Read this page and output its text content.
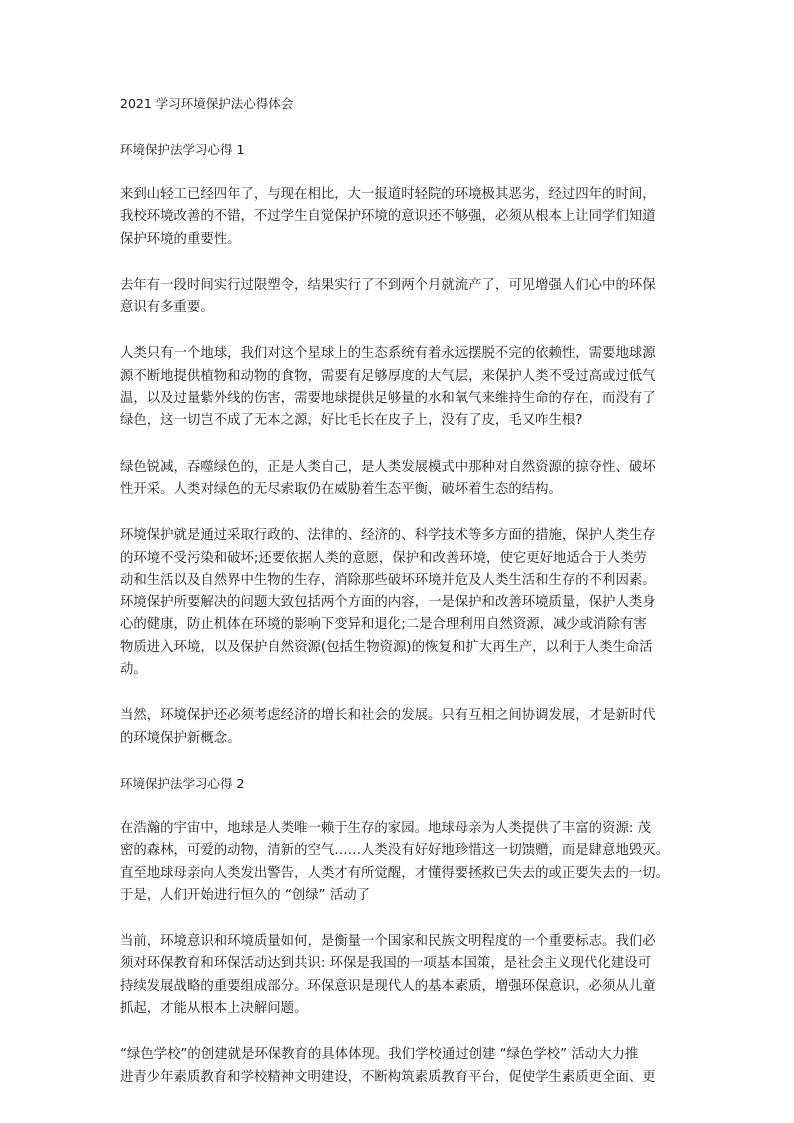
2021 学习环境保护法心得体会
环境保护法学习心得 1

来到山轻工已经四年了，与现在相比，大一报道时轻院的环境极其恶劣，经过四年的时间，
我校环境改善的不错，不过学生自觉保护环境的意识还不够强，必须从根本上让同学们知道
保护环境的重要性。

去年有一段时间实行过限塑令，结果实行了不到两个月就流产了，可见增强人们心中的环保
意识有多重要。

人类只有一个地球，我们对这个星球上的生态系统有着永远摆脱不完的依赖性，需要地球源
源不断地提供植物和动物的食物，需要有足够厚度的大气层，来保护人类不受过高或过低气
温，以及过量紫外线的伤害，需要地球提供足够量的水和氧气来维持生命的存在，而没有了
绿色，这一切岂不成了无本之源，好比毛长在皮子上，没有了皮，毛又咋生根?

绿色锐减，吞噬绿色的，正是人类自己，是人类发展模式中那种对自然资源的掠夺性、破坏
性开采。人类对绿色的无尽索取仍在威胁着生态平衡，破坏着生态的结构。

环境保护就是通过采取行政的、法律的、经济的、科学技术等多方面的措施，保护人类生存
的环境不受污染和破坏;还要依据人类的意愿，保护和改善环境，使它更好地适合于人类劳
动和生活以及自然界中生物的生存，消除那些破坏环境并危及人类生活和生存的不利因素。
环境保护所要解决的问题大致包括两个方面的内容，一是保护和改善环境质量，保护人类身
心的健康，防止机体在环境的影响下变异和退化;二是合理利用自然资源，减少或消除有害
物质进入环境，以及保护自然资源(包括生物资源)的恢复和扩大再生产，以利于人类生命活
动。

当然，环境保护还必须考虑经济的增长和社会的发展。只有互相之间协调发展，才是新时代
的环境保护新概念。

环境保护法学习心得 2

在浩瀚的宇宙中，地球是人类唯一赖于生存的家园。地球母亲为人类提供了丰富的资源: 茂
密的森林，可爱的动物，清新的空气……人类没有好好地珍惜这一切馈赠，而是肆意地毁灭。
直至地球母亲向人类发出警告，人类才有所觉醒，才懂得要拯救已失去的或正要失去的一切。
于是，人们开始进行恒久的 “创绿” 活动了

当前，环境意识和环境质量如何，是衡量一个国家和民族文明程度的一个重要标志。我们必
须对环保教育和环保活动达到共识: 环保是我国的一项基本国策，是社会主义现代化建设可
持续发展战略的重要组成部分。环保意识是现代人的基本素质，增强环保意识，必须从儿童
抓起，才能从根本上决解问题。

“绿色学校”的创建就是环保教育的具体体现。我们学校通过创建 “绿色学校” 活动大力推
进青少年素质教育和学校精神文明建设，不断构筑素质教育平台，促使学生素质更全面、更
